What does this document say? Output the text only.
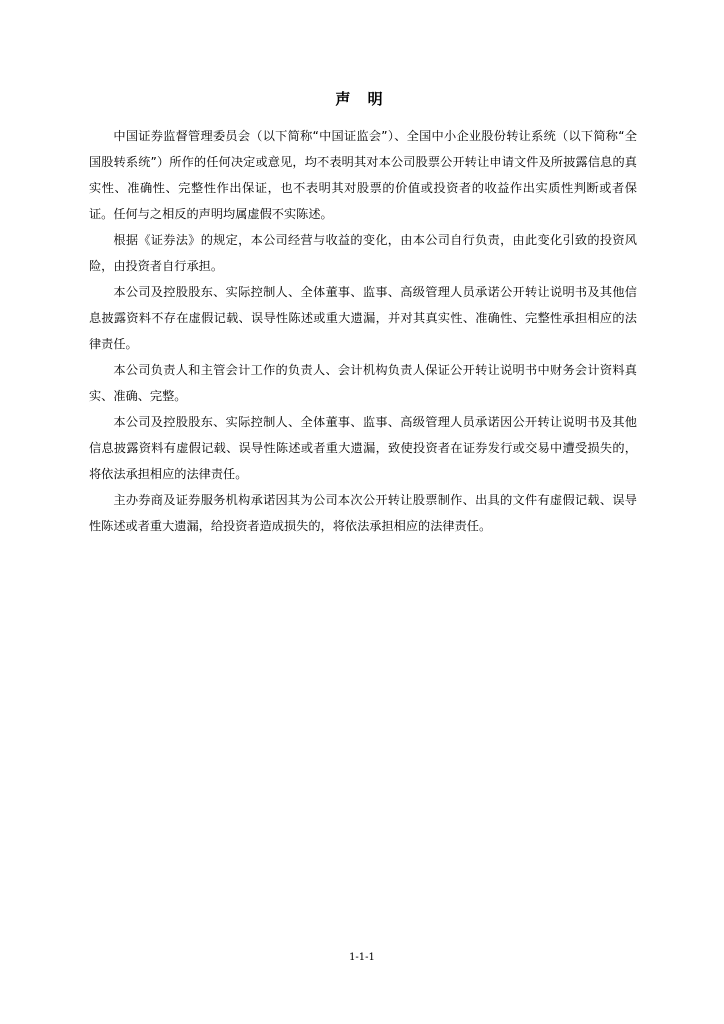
声 明

中国证券监督管理委员会（以下简称“中国证监会”）、全国中小企业股份转让系统（以下简称“全国股转系统”）所作的任何决定或意见，均不表明其对本公司股票公开转让申请文件及所披露信息的真实性、准确性、完整性作出保证，也不表明其对股票的价值或投资者的收益作出实质性判断或者保证。任何与之相反的声明均属虚假不实陈述。

根据《证券法》的规定，本公司经营与收益的变化，由本公司自行负责，由此变化引致的投资风险，由投资者自行承担。

本公司及控股股东、实际控制人、全体董事、监事、高级管理人员承诺公开转让说明书及其他信息披露资料不存在虚假记载、误导性陈述或重大遗漏，并对其真实性、准确性、完整性承担相应的法律责任。

本公司负责人和主管会计工作的负责人、会计机构负责人保证公开转让说明书中财务会计资料真实、准确、完整。

本公司及控股股东、实际控制人、全体董事、监事、高级管理人员承诺因公开转让说明书及其他信息披露资料有虚假记载、误导性陈述或者重大遗漏，致使投资者在证券发行或交易中遭受损失的，将依法承担相应的法律责任。

主办券商及证券服务机构承诺因其为公司本次公开转让股票制作、出具的文件有虚假记载、误导性陈述或者重大遗漏，给投资者造成损失的，将依法承担相应的法律责任。

1-1-1
